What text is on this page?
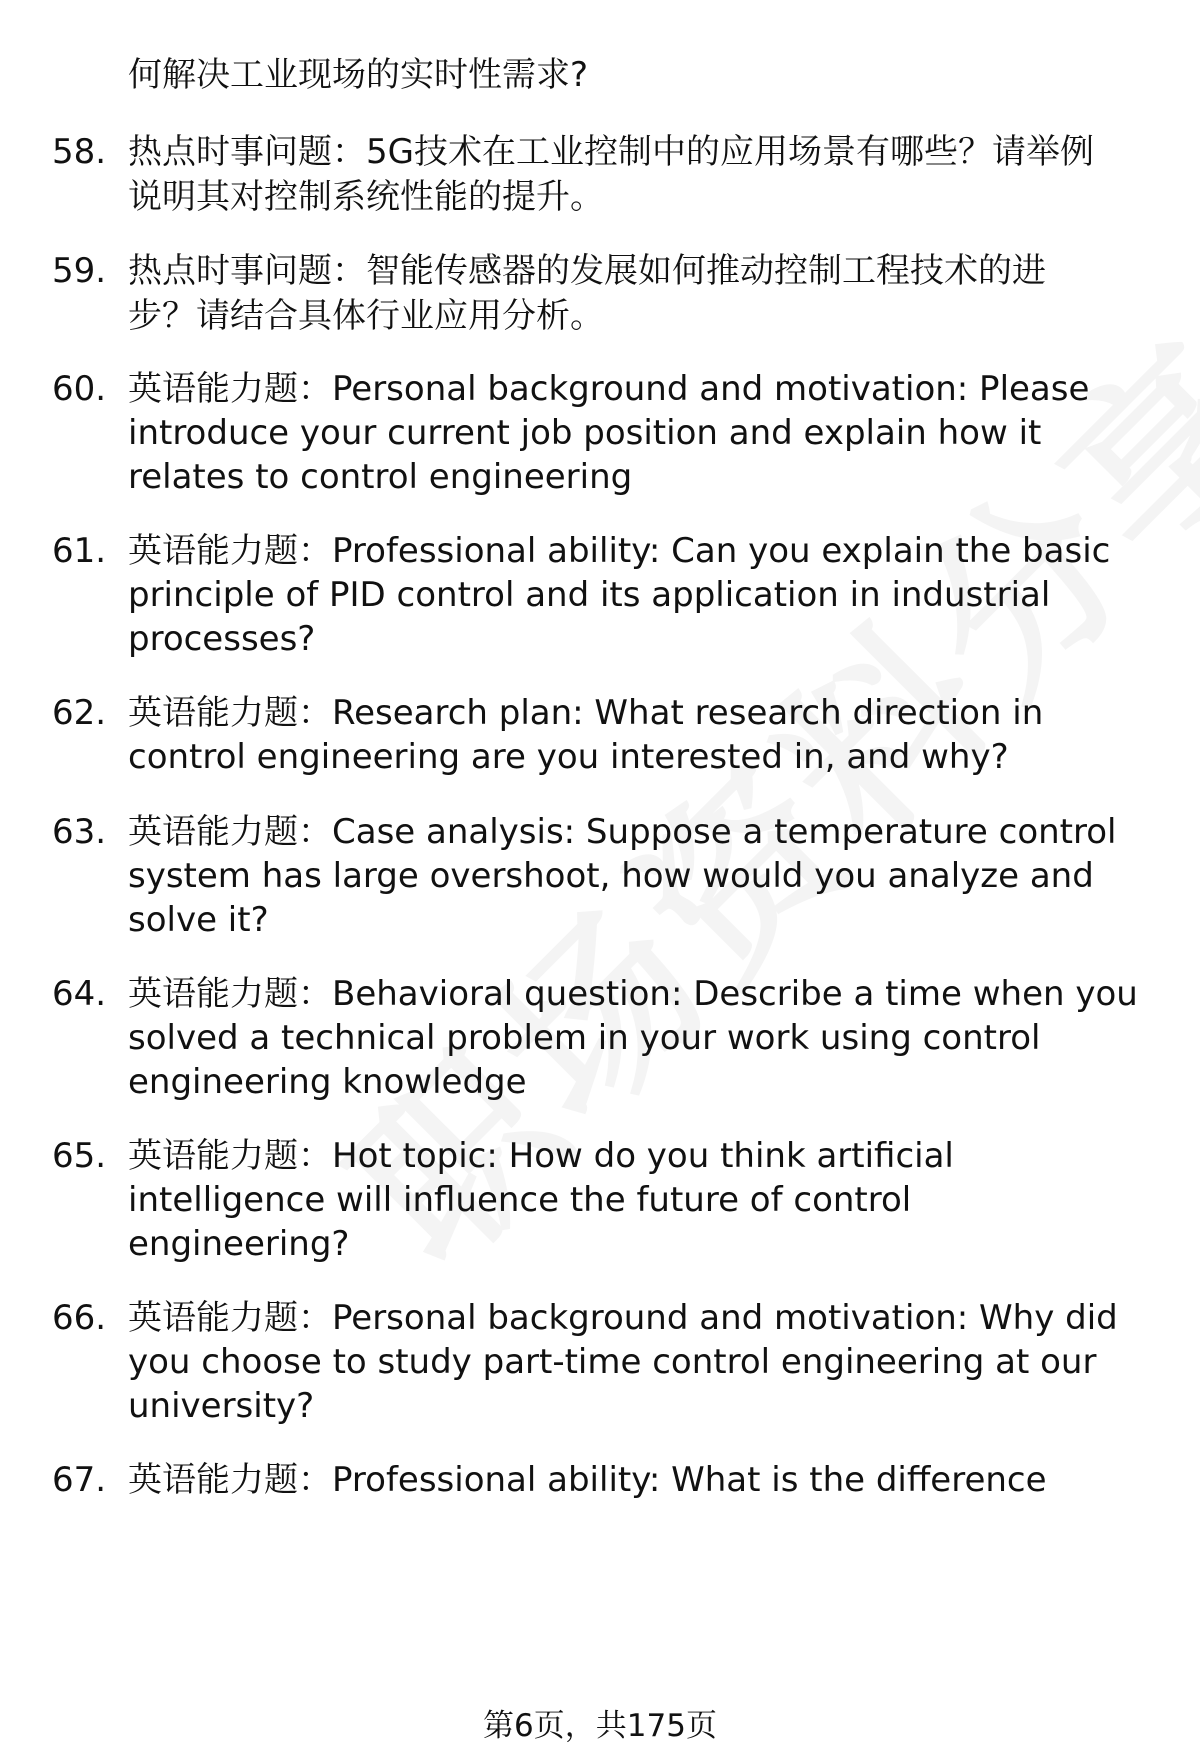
何解决工业现场的实时性需求?
58. 热点时事问题：5G技术在工业控制中的应用场景有哪些？请举例
说明其对控制系统性能的提升。
59. 热点时事问题：智能传感器的发展如何推动控制工程技术的进
步？请结合具体行业应用分析。
60. 英语能力题：Personal background and motivation: Please
introduce your current job position and explain how it
relates to control engineering
61. 英语能力题：Professional ability: Can you explain the basic
principle of PID control and its application in industrial
processes?
62. 英语能力题：Research plan: What research direction in
control engineering are you interested in, and why?
63. 英语能力题：Case analysis: Suppose a temperature control
system has large overshoot, how would you analyze and
solve it?
64. 英语能力题：Behavioral question: Describe a time when you
solved a technical problem in your work using control
engineering knowledge
65. 英语能力题：Hot topic: How do you think artificial
intelligence will influence the future of control
engineering?
66. 英语能力题：Personal background and motivation: Why did
you choose to study part-time control engineering at our
university?
67. 英语能力题：Professional ability: What is the difference
第6页，共175页
